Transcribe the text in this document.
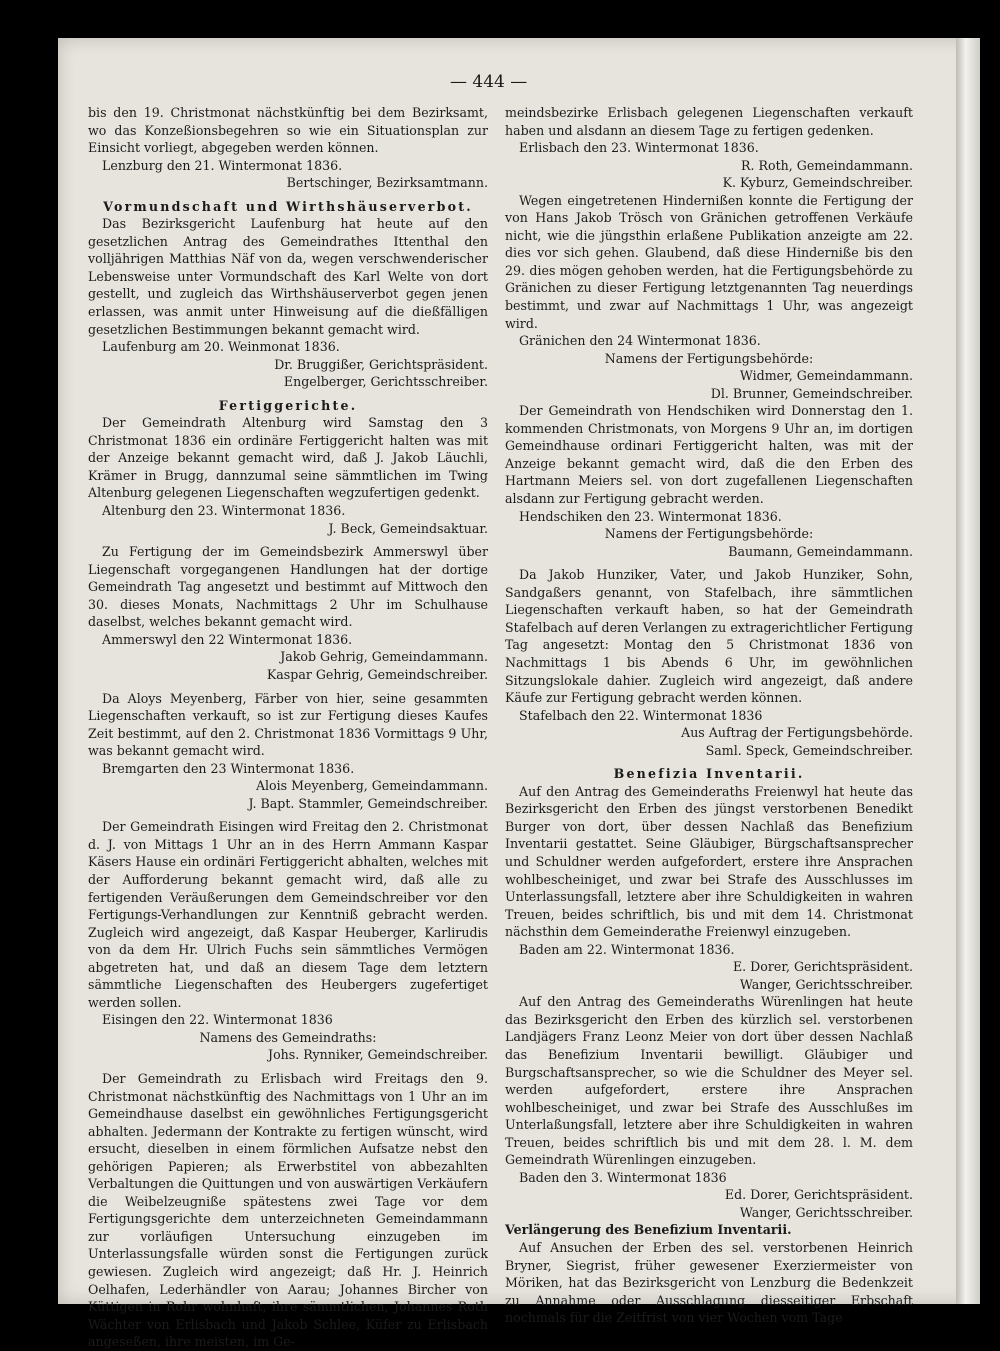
— 444 —

bis den 19. Christmonat nächstkünftig bei dem Bezirksamt, wo das Konzeßionsbegehren so wie ein Situationsplan zur Einsicht vorliegt, abgegeben werden können.

Lenzburg den 21. Wintermonat 1836.

Bertschinger, Bezirksamtmann.

Vormundschaft und Wirthshäuserverbot.

Das Bezirksgericht Laufenburg hat heute auf den gesetzlichen Antrag des Gemeindrathes Ittenthal den volljährigen Matthias Näf von da, wegen verschwenderischer Lebensweise unter Vormundschaft des Karl Welte von dort gestellt, und zugleich das Wirthshäuserverbot gegen jenen erlassen, was anmit unter Hinweisung auf die dießfälligen gesetzlichen Bestimmungen bekannt gemacht wird.

Laufenburg am 20. Weinmonat 1836.

Dr. Bruggißer, Gerichtspräsident.

Engelberger, Gerichtsschreiber.

Fertiggerichte.

Der Gemeindrath Altenburg wird Samstag den 3 Christmonat 1836 ein ordinäre Fertiggericht halten was mit der Anzeige bekannt gemacht wird, daß J. Jakob Läuchli, Krämer in Brugg, dannzumal seine sämmtlichen im Twing Altenburg gelegenen Liegenschaften wegzufertigen gedenkt.

Altenburg den 23. Wintermonat 1836.

J. Beck, Gemeindsaktuar.

Zu Fertigung der im Gemeindsbezirk Ammerswyl über Liegenschaft vorgegangenen Handlungen hat der dortige Gemeindrath Tag angesetzt und bestimmt auf Mittwoch den 30. dieses Monats, Nachmittags 2 Uhr im Schulhause daselbst, welches bekannt gemacht wird.

Ammerswyl den 22 Wintermonat 1836.

Jakob Gehrig, Gemeindammann.

Kaspar Gehrig, Gemeindschreiber.

Da Aloys Meyenberg, Färber von hier, seine gesammten Liegenschaften verkauft, so ist zur Fertigung dieses Kaufes Zeit bestimmt, auf den 2. Christmonat 1836 Vormittags 9 Uhr, was bekannt gemacht wird.

Bremgarten den 23 Wintermonat 1836.

Alois Meyenberg, Gemeindammann.

J. Bapt. Stammler, Gemeindschreiber.

Der Gemeindrath Eisingen wird Freitag den 2. Christmonat d. J. von Mittags 1 Uhr an in des Herrn Ammann Kaspar Käsers Hause ein ordinäri Fertiggericht abhalten, welches mit der Aufforderung bekannt gemacht wird, daß alle zu fertigenden Veräußerungen dem Gemeindschreiber vor den Fertigungs-Verhandlungen zur Kenntniß gebracht werden. Zugleich wird angezeigt, daß Kaspar Heuberger, Karlirudis von da dem Hr. Ulrich Fuchs sein sämmtliches Vermögen abgetreten hat, und daß an diesem Tage dem letztern sämmtliche Liegenschaften des Heubergers zugefertiget werden sollen.

Eisingen den 22. Wintermonat 1836

Namens des Gemeindraths:

Johs. Rynniker, Gemeindschreiber.

Der Gemeindrath zu Erlisbach wird Freitags den 9. Christmonat nächstkünftig des Nachmittags von 1 Uhr an im Gemeindhause daselbst ein gewöhnliches Fertigungsgericht abhalten. Jedermann der Kontrakte zu fertigen wünscht, wird ersucht, dieselben in einem förmlichen Aufsatze nebst den gehörigen Papieren; als Erwerbstitel von abbezahlten Verbaltungen die Quittungen und von auswärtigen Verkäufern die Weibelzeugniße spätestens zwei Tage vor dem Fertigungsgerichte dem unterzeichneten Gemeindammann zur vorläufigen Untersuchung einzugeben im Unterlassungsfalle würden sonst die Fertigungen zurück gewiesen. Zugleich wird angezeigt; daß Hr. J. Heinrich Oelhafen, Lederhändler von Aarau; Johannes Bircher von Küttigen in Rohr wohnhaft, ihre sämmtlichen, Johannes Roth Wächter von Erlisbach und Jakob Schlee, Küfer zu Erlisbach angeseßen, ihre meisten, im Ge-

meindsbezirke Erlisbach gelegenen Liegenschaften verkauft haben und alsdann an diesem Tage zu fertigen gedenken.

Erlisbach den 23. Wintermonat 1836.

R. Roth, Gemeindammann.

K. Kyburz, Gemeindschreiber.

Wegen eingetretenen Hindernißen konnte die Fertigung der von Hans Jakob Trösch von Gränichen getroffenen Verkäufe nicht, wie die jüngsthin erlaßene Publikation anzeigte am 22. dies vor sich gehen. Glaubend, daß diese Hinderniße bis den 29. dies mögen gehoben werden, hat die Fertigungsbehörde zu Gränichen zu dieser Fertigung letztgenannten Tag neuerdings bestimmt, und zwar auf Nachmittags 1 Uhr, was angezeigt wird.

Gränichen den 24 Wintermonat 1836.

Namens der Fertigungsbehörde:

Widmer, Gemeindammann.

Dl. Brunner, Gemeindschreiber.

Der Gemeindrath von Hendschiken wird Donnerstag den 1. kommenden Christmonats, von Morgens 9 Uhr an, im dortigen Gemeindhause ordinari Fertiggericht halten, was mit der Anzeige bekannt gemacht wird, daß die den Erben des Hartmann Meiers sel. von dort zugefallenen Liegenschaften alsdann zur Fertigung gebracht werden.

Hendschiken den 23. Wintermonat 1836.

Namens der Fertigungsbehörde:

Baumann, Gemeindammann.

Da Jakob Hunziker, Vater, und Jakob Hunziker, Sohn, Sandgaßers genannt, von Stafelbach, ihre sämmtlichen Liegenschaften verkauft haben, so hat der Gemeindrath Stafelbach auf deren Verlangen zu extragerichtlicher Fertigung Tag angesetzt: Montag den 5 Christmonat 1836 von Nachmittags 1 bis Abends 6 Uhr, im gewöhnlichen Sitzungslokale dahier. Zugleich wird angezeigt, daß andere Käufe zur Fertigung gebracht werden können.

Stafelbach den 22. Wintermonat 1836

Aus Auftrag der Fertigungsbehörde.

Saml. Speck, Gemeindschreiber.

Benefizia Inventarii.

Auf den Antrag des Gemeinderaths Freienwyl hat heute das Bezirksgericht den Erben des jüngst verstorbenen Benedikt Burger von dort, über dessen Nachlaß das Benefizium Inventarii gestattet. Seine Gläubiger, Bürgschaftsansprecher und Schuldner werden aufgefordert, erstere ihre Ansprachen wohlbescheiniget, und zwar bei Strafe des Ausschlusses im Unterlassungsfall, letztere aber ihre Schuldigkeiten in wahren Treuen, beides schriftlich, bis und mit dem 14. Christmonat nächsthin dem Gemeinderathe Freienwyl einzugeben.

Baden am 22. Wintermonat 1836.

E. Dorer, Gerichtspräsident.

Wanger, Gerichtsschreiber.

Auf den Antrag des Gemeinderaths Würenlingen hat heute das Bezirksgericht den Erben des kürzlich sel. verstorbenen Landjägers Franz Leonz Meier von dort über dessen Nachlaß das Benefizium Inventarii bewilligt. Gläubiger und Burgschaftsansprecher, so wie die Schuldner des Meyer sel. werden aufgefordert, erstere ihre Ansprachen wohlbescheiniget, und zwar bei Strafe des Ausschlußes im Unterlaßungsfall, letztere aber ihre Schuldigkeiten in wahren Treuen, beides schriftlich bis und mit dem 28. l. M. dem Gemeindrath Würenlingen einzugeben.

Baden den 3. Wintermonat 1836

Ed. Dorer, Gerichtspräsident.

Wanger, Gerichtsschreiber.

Verlängerung des Benefizium Inventarii.

Auf Ansuchen der Erben des sel. verstorbenen Heinrich Bryner, Siegrist, früher gewesener Exerziermeister von Möriken, hat das Bezirksgericht von Lenzburg die Bedenkzeit zu Annahme oder Ausschlagung diesseitiger Erbschaft nochmals für die Zeitfrist von vier Wochen vom Tage
